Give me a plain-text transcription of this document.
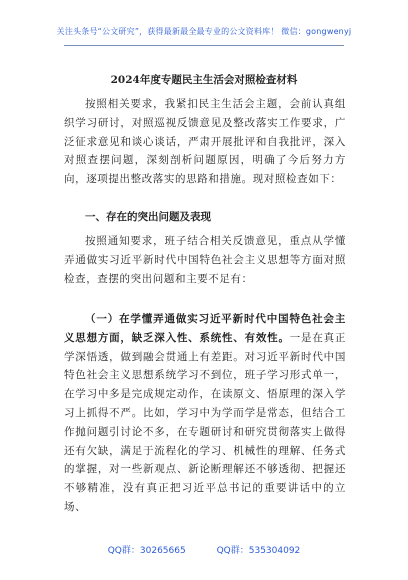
关注头条号“公文研究”，获得最新最全最专业的公文资料库！ 微信：gongwenyj
2024年度专题民主生活会对照检查材料
按照相关要求，我紧扣民主生活会主题，会前认真组织学习研讨，对照巡视反馈意见及整改落实工作要求，广泛征求意见和谈心谈话，严肃开展批评和自我批评，深入对照查摆问题，深刻剖析问题原因，明确了今后努力方向，逐项提出整改落实的思路和措施。现对照检查如下：
一、存在的突出问题及表现
按照通知要求，班子结合相关反馈意见，重点从学懂弄通做实习近平新时代中国特色社会主义思想等方面对照检查，查摆的突出问题和主要不足有：
（一）在学懂弄通做实习近平新时代中国特色社会主义思想方面，缺乏深入性、系统性、有效性。一是在真正学深悟透，做到融会贯通上有差距。对习近平新时代中国特色社会主义思想系统学习不到位，班子学习形式单一，在学习中多是完成规定动作，在读原文、悟原理的深入学习上抓得不严。比如，学习中为学而学是常态，但结合工作抛问题引讨论不多，在专题研讨和研究贯彻落实上做得还有欠缺，满足于流程化的学习、机械性的理解、任务式的掌握，对一些新观点、新论断理解还不够透彻、把握还不够精准，没有真正把习近平总书记的重要讲话中的立场、
QQ群：30265665	QQ群：535304092
